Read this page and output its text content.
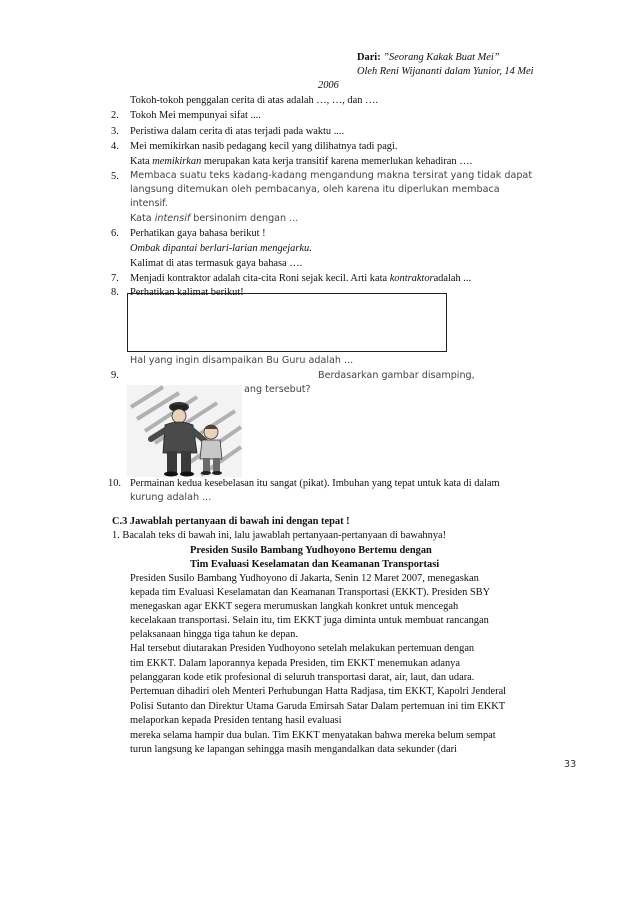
Dari: ”Seorang Kakak Buat Mei”
Oleh Reni Wijananti dalam Yunior, 14 Mei
2006
Tokoh-tokoh penggalan cerita di atas adalah …, …, dan ….
2. Tokoh Mei mempunyai sifat ....
3. Peristiwa dalam cerita di atas terjadi pada waktu ....
4. Mei memikirkan nasib pedagang kecil yang dilihatnya tadi pagi.
Kata memikirkan merupakan kata kerja transitif karena memerlukan kehadiran ….
5. Membaca suatu teks kadang-kadang mengandung makna tersirat yang tidak dapat
langsung ditemukan oleh pembacanya, oleh karena itu diperlukan membaca
intensif.
Kata intensif bersinonim dengan ...
6. Perhatikan gaya bahasa berikut !
Ombak dipantai berlari-larian mengejarku.
Kalimat di atas termasuk gaya bahasa ….
7. Menjadi kontraktor adalah cita-cita Roni sejak kecil. Arti kata kontraktoradalah ...
8. Perhatikan kalimat berikut!
Hal yang ingin disampaikan Bu Guru adalah ...
9.	Berdasarkan gambar disamping,
ang tersebut?
10. Permainan kedua kesebelasan itu sangat (pikat). Imbuhan yang tepat untuk kata di dalam
kurung adalah ...
C.3 Jawablah pertanyaan di bawah ini dengan tepat !
1. Bacalah teks di bawah ini, lalu jawablah pertanyaan-pertanyaan di bawahnya!
Presiden Susilo Bambang Yudhoyono Bertemu dengan
Tim Evaluasi Keselamatan dan Keamanan Transportasi
Presiden Susilo Bambang Yudhoyono di Jakarta, Senin 12 Maret 2007, menegaskan
kepada tim Evaluasi Keselamatan dan Keamanan Transportasi (EKKT). Presiden SBY
menegaskan agar EKKT segera merumuskan langkah konkret untuk mencegah
kecelakaan transportasi. Selain itu, tim EKKT juga diminta untuk membuat rancangan
pelaksanaan hingga tiga tahun ke depan.
Hal tersebut diutarakan Presiden Yudhoyono setelah melakukan pertemuan dengan
tim EKKT. Dalam laporannya kepada Presiden, tim EKKT menemukan adanya
pelanggaran kode etik profesional di seluruh transportasi darat, air, laut, dan udara.
Pertemuan dihadiri oleh Menteri Perhubungan Hatta Radjasa, tim EKKT, Kapolri Jenderal
Polisi Sutanto dan Direktur Utama Garuda Emirsah Satar Dalam pertemuan ini tim EKKT
melaporkan kepada Presiden tentang hasil evaluasi
mereka selama hampir dua bulan. Tim EKKT menyatakan bahwa mereka belum sempat
turun langsung ke lapangan sehingga masih mengandalkan data sekunder (dari
33
